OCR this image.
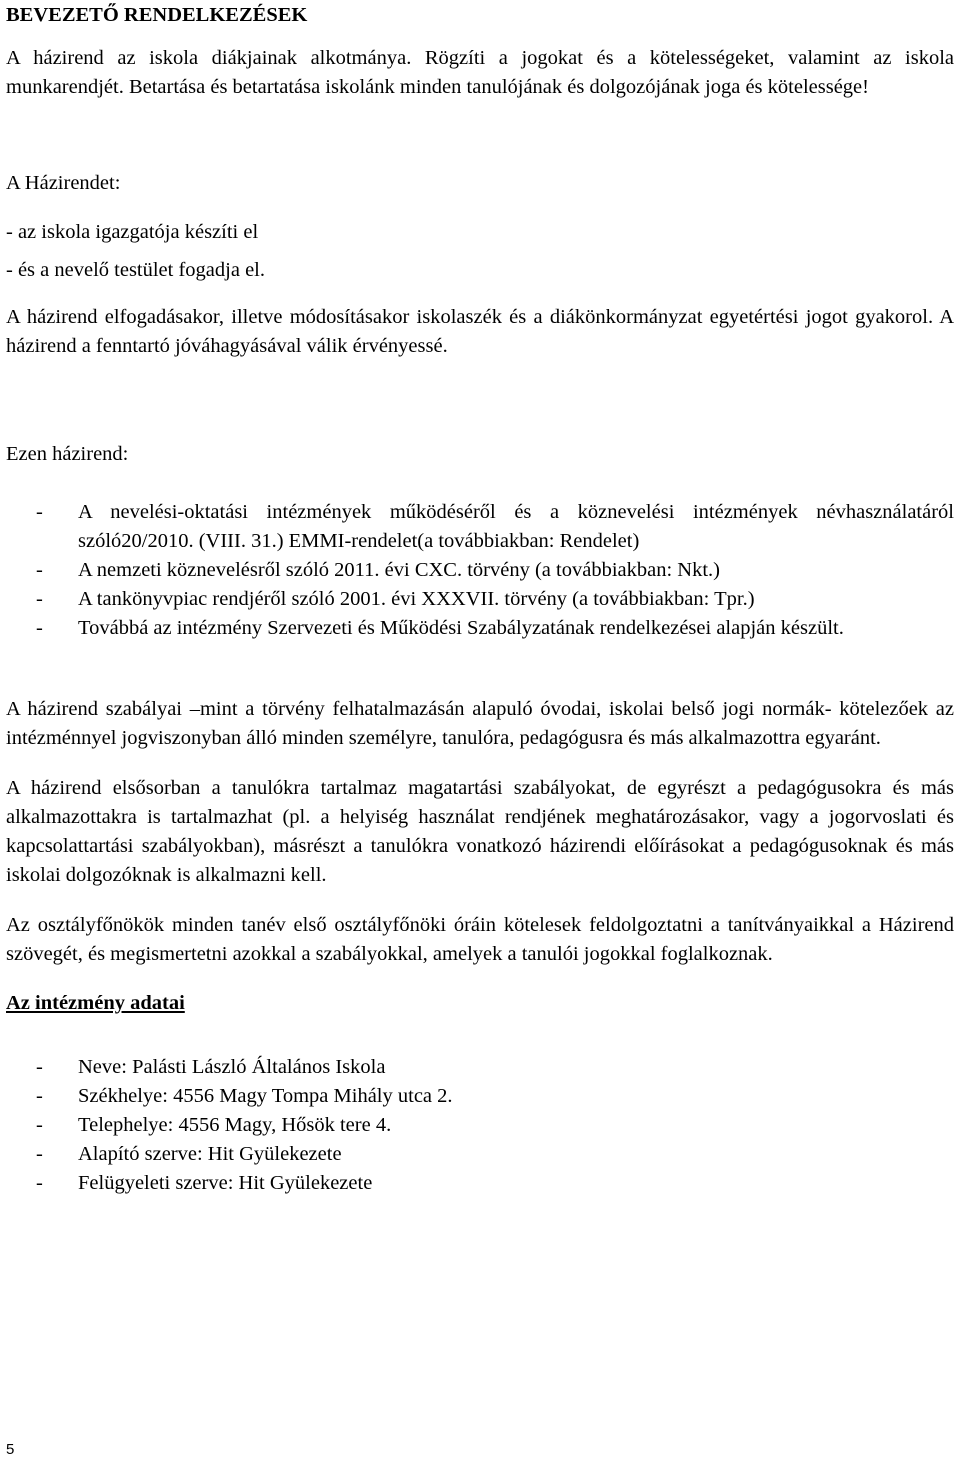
BEVEZETŐ RENDELKEZÉSEK

A házirend az iskola diákjainak alkotmánya. Rögzíti a jogokat és a kötelességeket, valamint az iskola munkarendjét. Betartása és betartatása iskolánk minden tanulójának és dolgozójának joga és kötelessége!

A Házirendet:

- az iskola igazgatója készíti el

- és a nevelő testület fogadja el.

A házirend elfogadásakor, illetve módosításakor iskolaszék és a diákönkormányzat egyetértési jogot gyakorol. A házirend a fenntartó jóváhagyásával válik érvényessé.

Ezen házirend:

- A nevelési-oktatási intézmények működéséről és a köznevelési intézmények névhasználatáról szóló20/2010. (VIII. 31.) EMMI-rendelet(a továbbiakban: Rendelet)
- A nemzeti köznevelésről szóló 2011. évi CXC. törvény (a továbbiakban: Nkt.)
- A tankönyvpiac rendjéről szóló 2001. évi XXXVII. törvény (a továbbiakban: Tpr.)
- Továbbá az intézmény Szervezeti és Működési Szabályzatának rendelkezései alapján készült.

A házirend szabályai –mint a törvény felhatalmazásán alapuló óvodai, iskolai belső jogi normák- kötelezőek az intézménnyel jogviszonyban álló minden személyre, tanulóra, pedagógusra és más alkalmazottra egyaránt.

A házirend elsősorban a tanulókra tartalmaz magatartási szabályokat, de egyrészt a pedagógusokra és más alkalmazottakra is tartalmazhat (pl. a helyiség használat rendjének meghatározásakor, vagy a jogorvoslati és kapcsolattartási szabályokban), másrészt a tanulókra vonatkozó házirendi előírásokat a pedagógusoknak és más iskolai dolgozóknak is alkalmazni kell.

Az osztályfőnökök minden tanév első osztályfőnöki óráin kötelesek feldolgoztatni a tanítványaikkal a Házirend szövegét, és megismertetni azokkal a szabályokkal, amelyek a tanulói jogokkal foglalkoznak.

Az intézmény adatai

- Neve: Palásti László Általános Iskola
- Székhelye: 4556 Magy Tompa Mihály utca 2.
- Telephelye: 4556 Magy, Hősök tere 4.
- Alapító szerve: Hit Gyülekezete
- Felügyeleti szerve: Hit Gyülekezete
5
